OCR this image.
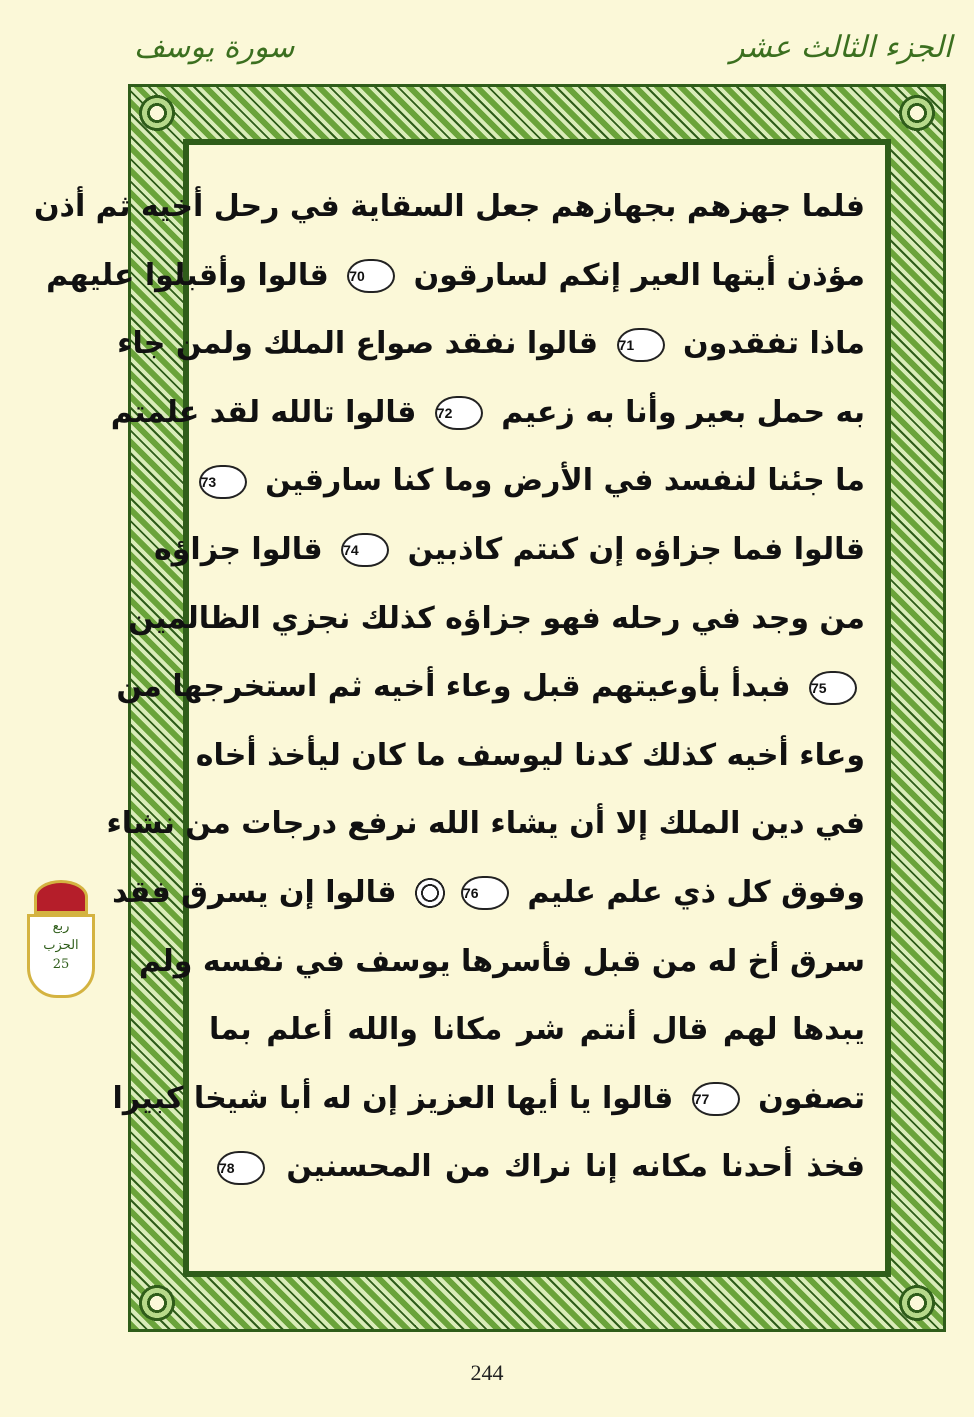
الجزء الثالث عشر
سورة يوسف
فلما جهزهم بجهازهم جعل السقاية في رحل أخيه ثم أذن
مؤذن أيتها العير إنكم لسارقون 70 قالوا وأقبلوا عليهم
ماذا تفقدون 71 قالوا نفقد صواع الملك ولمن جاء
به حمل بعير وأنا به زعيم 72 قالوا تالله لقد علمتم
ما جئنا لنفسد في الأرض وما كنا سارقين 73
قالوا فما جزاؤه إن كنتم كاذبين 74 قالوا جزاؤه
من وجد في رحله فهو جزاؤه كذلك نجزي الظالمين
75 فبدأ بأوعيتهم قبل وعاء أخيه ثم استخرجها من
وعاء أخيه كذلك كدنا ليوسف ما كان ليأخذ أخاه
في دين الملك إلا أن يشاء الله نرفع درجات من نشاء
وفوق كل ذي علم عليم 76 قالوا إن يسرق فقد
سرق أخ له من قبل فأسرها يوسف في نفسه ولم
يبدها لهم قال أنتم شر مكانا والله أعلم بما
تصفون 77 قالوا يا أيها العزيز إن له أبا شيخا كبيرا
فخذ أحدنا مكانه إنا نراك من المحسنين 78
ربع
الحزب
25
244
